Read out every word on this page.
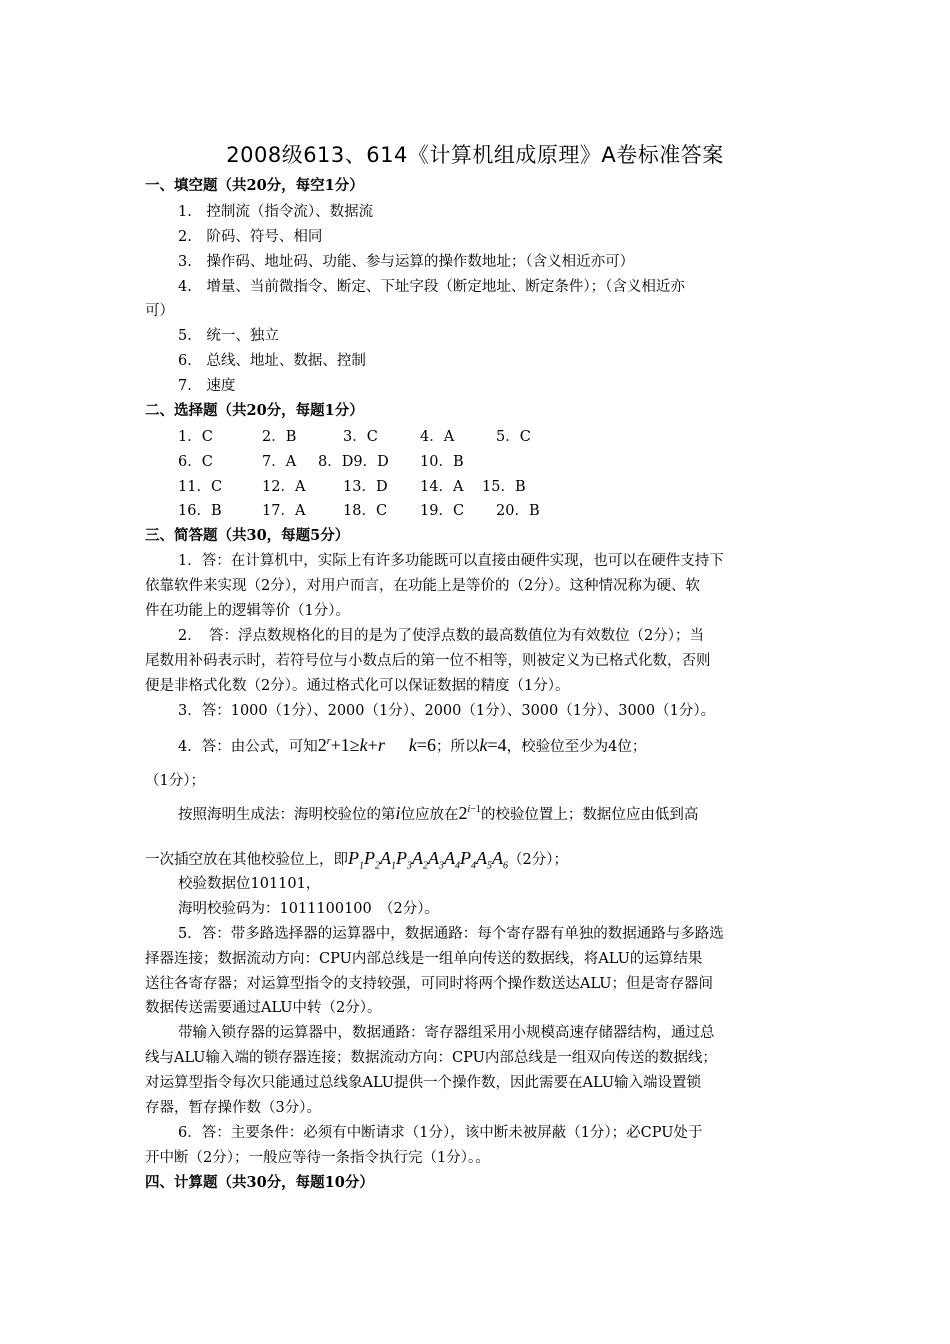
2008级613、614《计算机组成原理》A卷标准答案
一、填空题（共20分，每空1分）
1.　控制流（指令流）、数据流
2.　阶码、符号、相同
3.　操作码、地址码、功能、参与运算的操作数地址；（含义相近亦可）
4.　增量、当前微指令、断定、下址字段（断定地址、断定条件）；（含义相近亦
可）
5.　统一、独立
6.　总线、地址、数据、控制
7.　速度
二、选择题（共20分，每题1分）
1．C	2．B	3．C	4．A	5．C
6．C	7．A 8．D9．D 10．B
11．C	12．A	13．D 14．A 15．B
16．B	17．A	18．C 19．C 20．B
三、简答题（共30，每题5分）
1．答：在计算机中，实际上有许多功能既可以直接由硬件实现，也可以在硬件支持下
依靠软件来实现（2分），对用户而言，在功能上是等价的（2分）。这种情况称为硬、软
件在功能上的逻辑等价（1分）。
2．　答：浮点数规格化的目的是为了使浮点数的最高数值位为有效数位（2分）；当
尾数用补码表示时，若符号位与小数点后的第一位不相等，则被定义为已格式化数，否则
便是非格式化数（2分）。通过格式化可以保证数据的精度（1分）。
3．答：1000（1分）、2000（1分）、2000（1分）、3000（1分）、3000（1分）。
4．答：由公式，可知$2^r+1\ge k+r$ k=6；所以k=4，校验位至少为4位；
（1分）；
按照海明生成法：海明校验位的第i位应放在$2^{i-1}$的校验位置上；数据位应由低到高
一次插空放在其他校验位上，即$P_1P_2A_1P_3A_2A_3A_4P_4A_5A_6(2$分）；
校验数据位101101，
海明校验码为：1011100100　（2分）。
5．答：带多路选择器的运算器中，数据通路：每个寄存器有单独的数据通路与多路选
择器连接；数据流动方向：CPU内部总线是一组单向传送的数据线，将ALU的运算结果
送往各寄存器；对运算型指令的支持较强，可同时将两个操作数送达ALU；但是寄存器间
数据传送需要通过ALU中转（2分）。
带输入锁存器的运算器中，数据通路：寄存器组采用小规模高速存储器结构，通过总
线与ALU输入端的锁存器连接；数据流动方向：CPU内部总线是一组双向传送的数据线；
对运算型指令每次只能通过总线象ALU提供一个操作数，因此需要在ALU输入端设置锁
存器，暂存操作数（3分）。
6．答：主要条件：必须有中断请求（1分），该中断未被屏蔽（1分）；必CPU处于
开中断（2分）；一般应等待一条指令执行完（1分）。。
四、计算题（共30分，每题10分）
